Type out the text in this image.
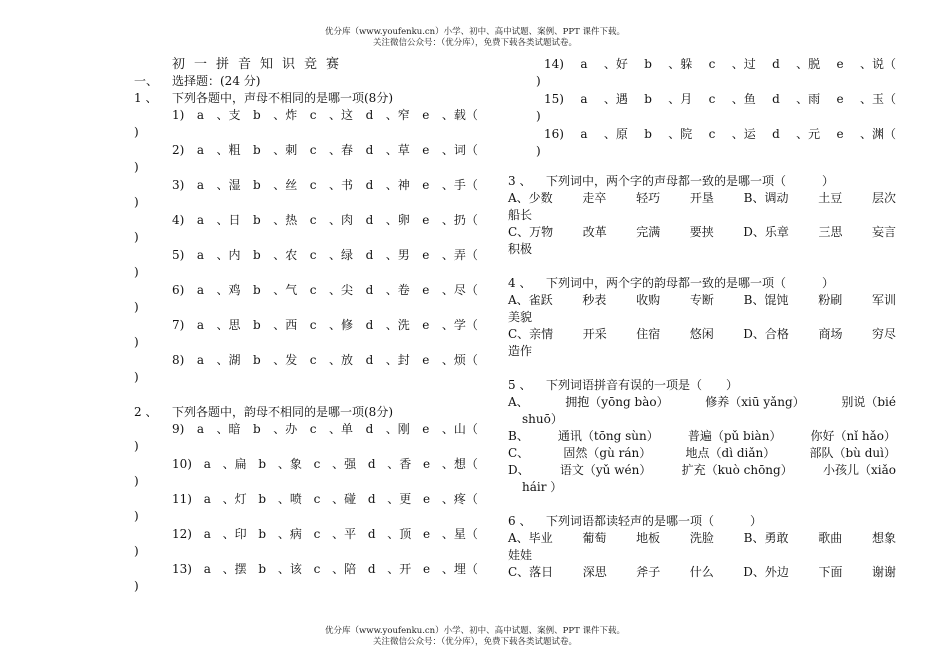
优分库（www.youfenku.cn）小学、初中、高中试题、案例、PPT 课件下载。
关注微信公众号：（优分库），免费下载各类试题试卷。
初一拼音知识竞赛
一、 选择题：(24 分)
1 、	下列各题中，声母不相同的是哪一项(8分)
1) a 、支 b 、炸 c 、这 d 、窄 e 、载（
)
2) a 、粗 b 、刺 c 、春 d 、草 e 、词（
)
3) a 、湿 b 、丝 c 、书 d 、神 e 、手（
)
4) a 、日 b 、热 c 、肉 d 、卵 e 、扔（
)
5) a 、内 b 、农 c 、绿 d 、男 e 、弄（
)
6) a 、鸡 b 、气 c 、尖 d 、卷 e 、尽（
)
7) a 、思 b 、西 c 、修 d 、洗 e 、学（
)
8) a 、湖 b 、发 c 、放 d 、封 e 、烦（
)
2 、	下列各题中，韵母不相同的是哪一项(8分)
9) a 、暗 b 、办 c 、单 d 、刚 e 、山（
)
10) a 、扁 b 、象 c 、强 d 、香 e 、想（
)
11) a 、灯 b 、喷 c 、碰 d 、更 e 、疼（
)
12) a 、印 b 、病 c 、平 d 、顶 e 、星（
)
13) a 、摆 b 、该 c 、陪 d 、开 e 、埋（
)
14) a 、好 b 、躲 c 、过 d 、脱 e 、说（
)
15) a 、遇 b 、月 c 、鱼 d 、雨 e 、玉（
)
16) a 、原 b 、院 c 、运 d 、元 e 、渊（
)
3 、	下列词中，两个字的声母都一致的是哪一项（　　　）
A、少数 走卒 轻巧 开垦 B、调动 土豆 层次
船长
C、万物 改革 完满 要挟 D、乐章 三思 妄言
积极
4 、	下列词中，两个字的韵母都一致的是哪一项（　　　）
A、雀跃 秒表 收购 专断 B、馄饨 粉刷 军训
美貌
C、亲情 开采 住宿 悠闲 D、合格 商场 穷尽
造作
5 、	下列词语拼音有误的一项是（　　）
A、	拥抱（yōng bào）	修养（xiū yǎng）	别说（bié
shuō）
B、 通讯（tōng sùn） 普遍（pǔ biàn） 你好（nǐ hǎo）
C、	固然（gù rán）	地点（dì diǎn）	部队（bù duì）
D、	语文（yǔ wén）	扩充（kuò chōng）	小孩儿（xiǎo
háir ）
6 、	下列词语都读轻声的是哪一项（　　　）
A、毕业 葡萄 地板 洗脸 B、勇敢 歌曲 想象
娃娃
C、落日 深思 斧子 什么 D、外边 下面 谢谢
优分库（www.youfenku.cn）小学、初中、高中试题、案例、PPT 课件下载。
关注微信公众号：（优分库），免费下载各类试题试卷。
